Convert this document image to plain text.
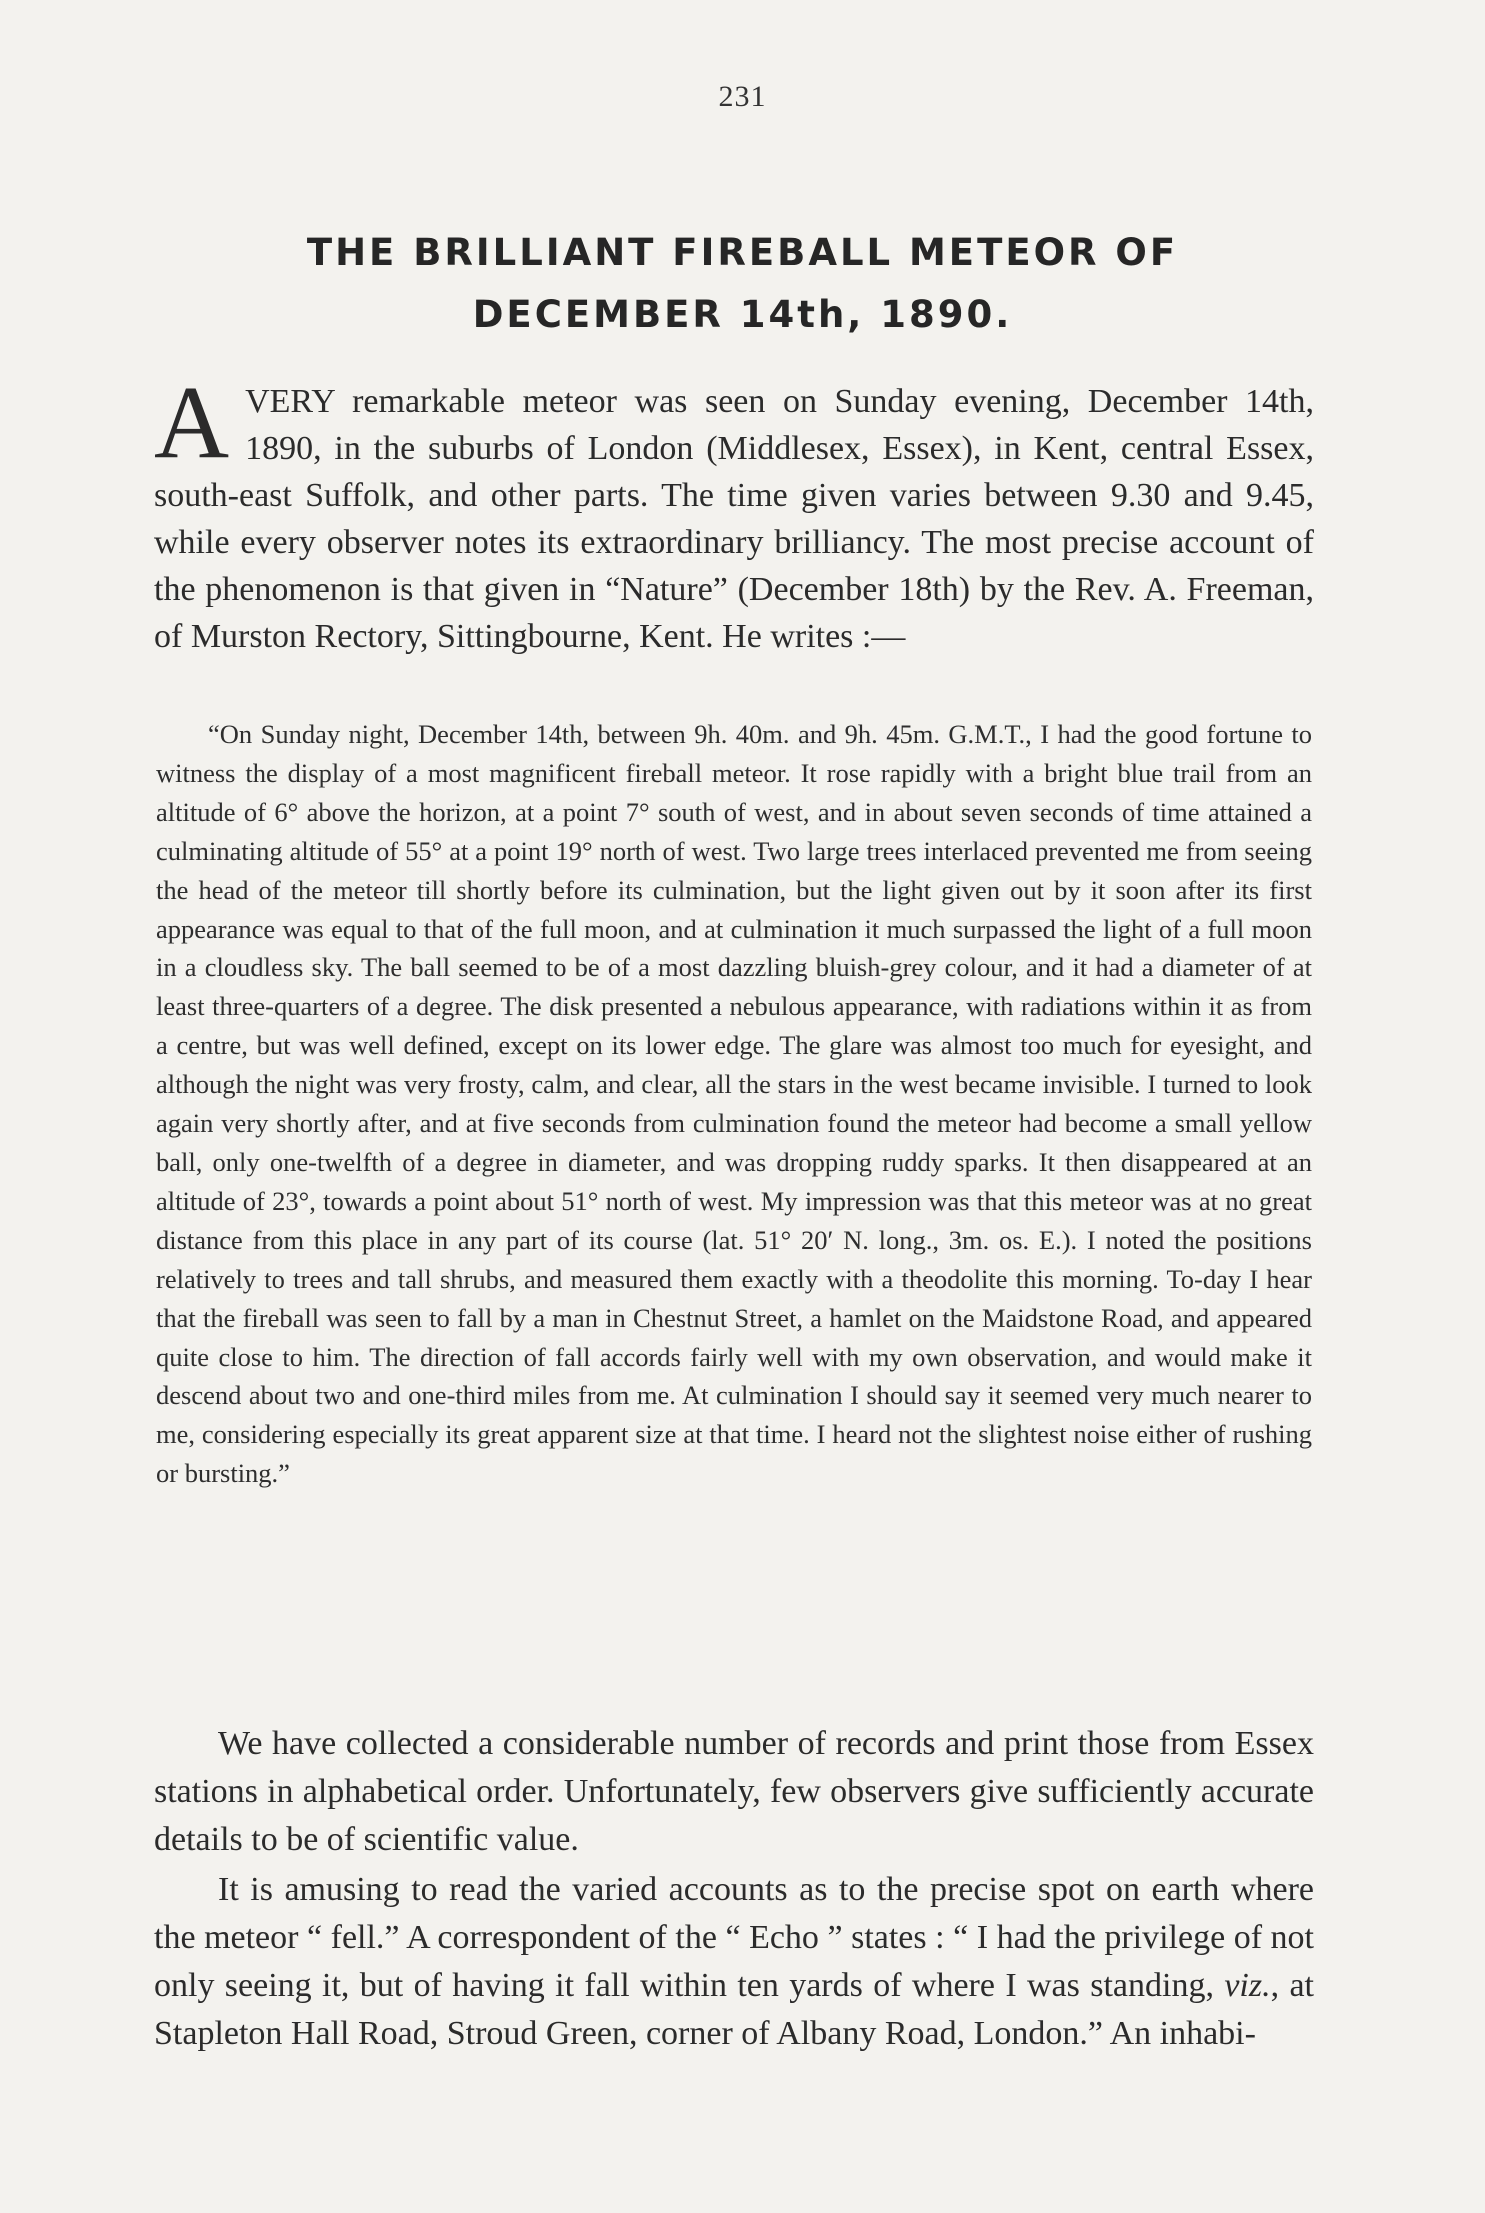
231
THE BRILLIANT FIREBALL METEOR OF
DECEMBER 14th, 1890.
AVERY remarkable meteor was seen on Sunday evening, December 14th, 1890, in the suburbs of London (Middlesex, Essex), in Kent, central Essex, south-east Suffolk, and other parts. The time given varies between 9.30 and 9.45, while every observer notes its extraordinary brilliancy. The most precise account of the phenomenon is that given in “Nature” (December 18th) by the Rev. A. Freeman, of Murston Rectory, Sittingbourne, Kent. He writes :—
“On Sunday night, December 14th, between 9h. 40m. and 9h. 45m. G.M.T., I had the good fortune to witness the display of a most magnificent fireball meteor. It rose rapidly with a bright blue trail from an altitude of 6° above the horizon, at a point 7° south of west, and in about seven seconds of time attained a culminating altitude of 55° at a point 19° north of west. Two large trees interlaced prevented me from seeing the head of the meteor till shortly before its culmination, but the light given out by it soon after its first appearance was equal to that of the full moon, and at culmination it much surpassed the light of a full moon in a cloudless sky. The ball seemed to be of a most dazzling bluish-grey colour, and it had a diameter of at least three-quarters of a degree. The disk presented a nebulous appearance, with radiations within it as from a centre, but was well defined, except on its lower edge. The glare was almost too much for eyesight, and although the night was very frosty, calm, and clear, all the stars in the west became invisible. I turned to look again very shortly after, and at five seconds from culmination found the meteor had become a small yellow ball, only one-twelfth of a degree in diameter, and was dropping ruddy sparks. It then disappeared at an altitude of 23°, towards a point about 51° north of west. My impression was that this meteor was at no great distance from this place in any part of its course (lat. 51° 20′ N. long., 3m. os. E.). I noted the positions relatively to trees and tall shrubs, and measured them exactly with a theodolite this morning. To-day I hear that the fireball was seen to fall by a man in Chestnut Street, a hamlet on the Maidstone Road, and appeared quite close to him. The direction of fall accords fairly well with my own observation, and would make it descend about two and one-third miles from me. At culmination I should say it seemed very much nearer to me, considering especially its great apparent size at that time. I heard not the slightest noise either of rushing or bursting.”
We have collected a considerable number of records and print those from Essex stations in alphabetical order. Unfortunately, few observers give sufficiently accurate details to be of scientific value.
It is amusing to read the varied accounts as to the precise spot on earth where the meteor “ fell.” A correspondent of the “ Echo ” states : “ I had the privilege of not only seeing it, but of having it fall within ten yards of where I was standing, viz., at Stapleton Hall Road, Stroud Green, corner of Albany Road, London.” An inhabi-
